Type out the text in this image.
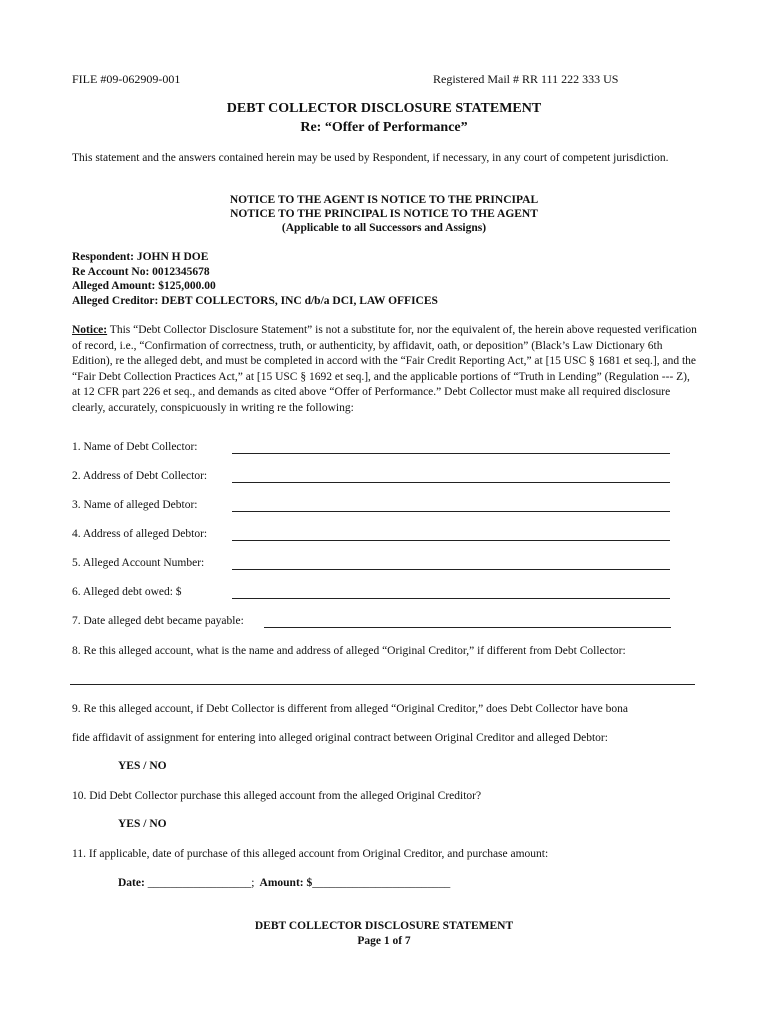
FILE #09-062909-001	Registered Mail # RR 111 222 333 US
DEBT COLLECTOR DISCLOSURE STATEMENT
Re: “Offer of Performance”
This statement and the answers contained herein may be used by Respondent, if necessary, in any court of competent jurisdiction.
NOTICE TO THE AGENT IS NOTICE TO THE PRINCIPAL
NOTICE TO THE PRINCIPAL IS NOTICE TO THE AGENT
(Applicable to all Successors and Assigns)
Respondent: JOHN H DOE
Re Account No: 0012345678
Alleged Amount: $125,000.00
Alleged Creditor: DEBT COLLECTORS, INC d/b/a DCI, LAW OFFICES
Notice: This “Debt Collector Disclosure Statement” is not a substitute for, nor the equivalent of, the herein above requested verification of record, i.e., “Confirmation of correctness, truth, or authenticity, by affidavit, oath, or deposition” (Black’s Law Dictionary 6th Edition), re the alleged debt, and must be completed in accord with the “Fair Credit Reporting Act,” at [15 USC § 1681 et seq.], and the “Fair Debt Collection Practices Act,” at [15 USC § 1692 et seq.], and the applicable portions of “Truth in Lending” (Regulation --- Z), at 12 CFR part 226 et seq., and demands as cited above “Offer of Performance.” Debt Collector must make all required disclosure clearly, accurately, conspicuously in writing re the following:
1. Name of Debt Collector:
2. Address of Debt Collector:
3. Name of alleged Debtor:
4. Address of alleged Debtor:
5. Alleged Account Number:
6. Alleged debt owed: $
7. Date alleged debt became payable:
8. Re this alleged account, what is the name and address of alleged “Original Creditor,” if different from Debt Collector:
9. Re this alleged account, if Debt Collector is different from alleged “Original Creditor,” does Debt Collector have bona
fide affidavit of assignment for entering into alleged original contract between Original Creditor and alleged Debtor:
YES / NO
10. Did Debt Collector purchase this alleged account from the alleged Original Creditor?
YES / NO
11. If applicable, date of purchase of this alleged account from Original Creditor, and purchase amount:
Date: __________________; Amount: $________________________
DEBT COLLECTOR DISCLOSURE STATEMENT
Page 1 of 7
